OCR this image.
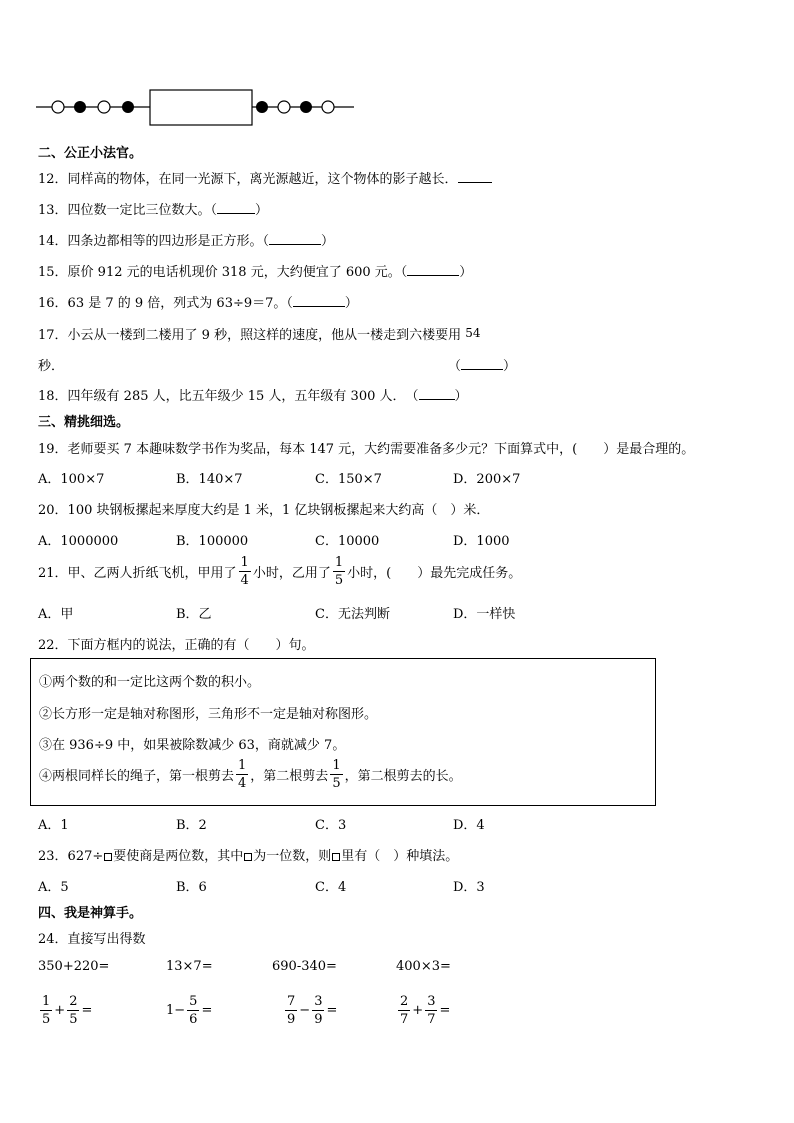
二、公正小法官。
12．同样高的物体，在同一光源下，离光源越近，这个物体的影子越长．
13．四位数一定比三位数大。（	）
14．四条边都相等的四边形是正方形。（	）
15．原价 912 元的电话机现价 318 元，大约便宜了 600 元。（	）
16．63 是 7 的 9 倍，列式为 63÷9＝7。（	）
17．小云从一楼到二楼用了 9 秒，照这样的速度，他从一楼走到六楼要用 54
秒．	（	）
18．四年级有 285 人，比五年级少 15 人，五年级有 300 人．　（	）
三、精挑细选。
19．老师要买 7 本趣味数学书作为奖品，每本 147 元，大约需要准备多少元？下面算式中，(　　）是最合理的。
A．100×7	B．140×7	C．150×7	D．200×7
20．100 块钢板摞起来厚度大约是 1 米，1 亿块钢板摞起来大约高（　）米．
A．1000000	B．100000	C．10000	D．1000
21．甲、乙两人折纸飞机，甲用了 $\frac{1}{4}$ 小时，乙用了 $\frac{1}{5}$ 小时，(　　）最先完成任务。
A．甲	B．乙	C．无法判断	D．一样快
22．下面方框内的说法，正确的有（　　）句。
①两个数的和一定比这两个数的积小。
②长方形一定是轴对称图形，三角形不一定是轴对称图形。
③在 936÷9 中，如果被除数减少 63，商就减少 7。
④两根同样长的绳子，第一根剪去 $\frac{1}{4}$ ，第二根剪去 $\frac{1}{5}$ ，第二根剪去的长。
A．1	B．2	C．3	D．4
23．627÷ 要使商是两位数，其中 为一位数，则 里有（　）种填法。
A．5	B．6	C．4	D．3
四、我是神算手。
24．直接写出得数
350+220=	13×7=	690-340=	400×3=
$\frac{1}{5} + \frac{2}{5}$ =	$1- \frac{5}{6}$ =	$\frac{7}{9} - \frac{3}{9}$ =	$\frac{2}{7} + \frac{3}{7}$ =
